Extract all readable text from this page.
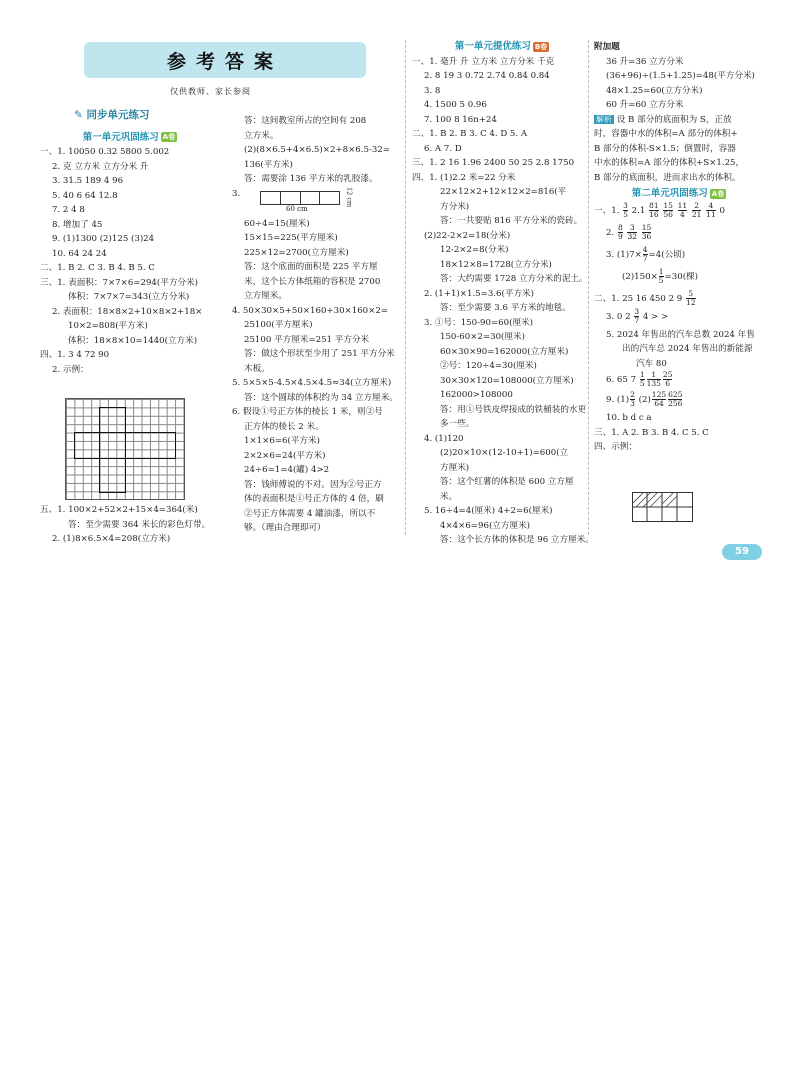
参考答案
仅供教师、家长参阅
✎ 同步单元练习
第一单元巩固练习 A卷
一、1. 10050 0.32 5800 5.002
2. 克 立方米 立方分米 升
3. 31.5 189 4 96
5. 40 6 64 12.8
7. 2 4 8
8. 增加了 45
9. (1)1300 (2)125 (3)24
10. 64 24 24
二、1. B 2. C 3. B 4. B 5. C
三、1. 表面积：7×7×6=294(平方分米)
体积：7×7×7=343(立方分米)
2. 表面积：18×8×2+10×8×2+18×
10×2=808(平方米)
体积：18×8×10=1440(立方米)
四、1. 3 4 72 90
2. 示例：
五、1. 100×2+52×2+15×4=364(米)
答：至少需要 364 米长的彩色灯带。
2. (1)8×6.5×4=208(立方米)
答：这间教室所占的空间有 208
立方米。
(2)(8×6.5+4×6.5)×2+8×6.5-32=
136(平方米)
答：需要涂 136 平方米的乳胶漆。
3.
60 cm
12 cm
60÷4=15(厘米)
15×15=225(平方厘米)
225×12=2700(立方厘米)
答：这个底面的面积是 225 平方厘
米，这个长方体纸箱的容积是 2700
立方厘米。
4. 50×30×5+50×160+30×160×2=
25100(平方厘米)
25100 平方厘米=251 平方分米
答：做这个形状至少用了 251 平方分米
木板。
5. 5×5×5-4.5×4.5×4.5≈34(立方厘米)
答：这个圆球的体积约为 34 立方厘米。
6. 假设①号正方体的棱长 1 米，则②号
正方体的棱长 2 米。
1×1×6=6(平方米)
2×2×6=24(平方米)
24÷6=1=4(罐) 4>2
答：钱师傅说的不对。因为②号正方
体的表面积是①号正方体的 4 倍，刷
②号正方体需要 4 罐油漆，所以不
够。（理由合理即可）
第一单元提优练习 B卷
一、1. 毫升 升 立方米 立方分米 千克
2. 8 19 3 0.72 2.74 0.84 0.84
3. 8
4. 1500 5 0.96
7. 100 8 16n+24
二、1. B 2. B 3. C 4. D 5. A
6. A 7. D
三、1. 2 16 1.96 2400 50 25 2.8 1750
四、1. (1)2.2 米=22 分米
22×12×2+12×12×2=816(平
方分米)
答：一共要贴 816 平方分米的瓷砖。
(2)22-2×2=18(分米)
12-2×2=8(分米)
18×12×8=1728(立方分米)
答：大约需要 1728 立方分米的泥土。
2. (1+1)×1.5=3.6(平方米)
答：至少需要 3.6 平方米的地毯。
3. ①号：150-90=60(厘米)
150-60×2=30(厘米)
60×30×90=162000(立方厘米)
②号：120÷4=30(厘米)
30×30×120=108000(立方厘米)
162000>108000
答：用①号铁皮焊接成的铁桶装的水更
多一些。
4. (1)120
(2)20×10×(12-10+1)=600(立
方厘米)
答：这个红薯的体积是 600 立方厘
米。
5. 16÷4=4(厘米) 4+2=6(厘米)
4×4×6=96(立方厘米)
答：这个长方体的体积是 96 立方厘米。
附加题
36 升=36 立方分米
(36+96)÷(1.5+1.25)=48(平方分米)
48×1.25=60(立方分米)
60 升=60 立方分米
解析 设 B 部分的底面积为 S，正放
时，容器中水的体积=A 部分的体积+
B 部分的体积-S×1.5；倒置时，容器
中水的体积=A 部分的体积+S×1.25，
B 部分的底面积，进而求出水的体积。
第二单元巩固练习 A卷
一、1. $\frac{3}{5} 2.1 \frac{81}{16}$
$\frac{15}{56}$
$\frac{11}{4}$
$\frac{2}{21}$
$\frac{4}{11} 0$
2. $\frac{8}{9}$
$\frac{3}{32}$
$\frac{15}{36}$
3. $(1)7\times \frac{4}{7} =4$(公顷)
$(2)150\times \frac{1}{5} =30$(棵)
二、1. 25 16 450 2 $9 \frac{5}{12}$
3. 0 $2 \frac{3}{7} 4$ > >
5. 2024 年售出的汽车总数 2024 年售
出的汽车总 2024 年售出的新能源
汽车 80
6. 65 $7 \frac{1}{5} \frac{1}{135} \frac{25}{6}$
9. $(1) \frac{2}{3} (2) \frac{125}{64} \frac{625}{256}$
10. b d c a
三、1. A 2. B 3. B 4. C 5. C
四、示例：
59
